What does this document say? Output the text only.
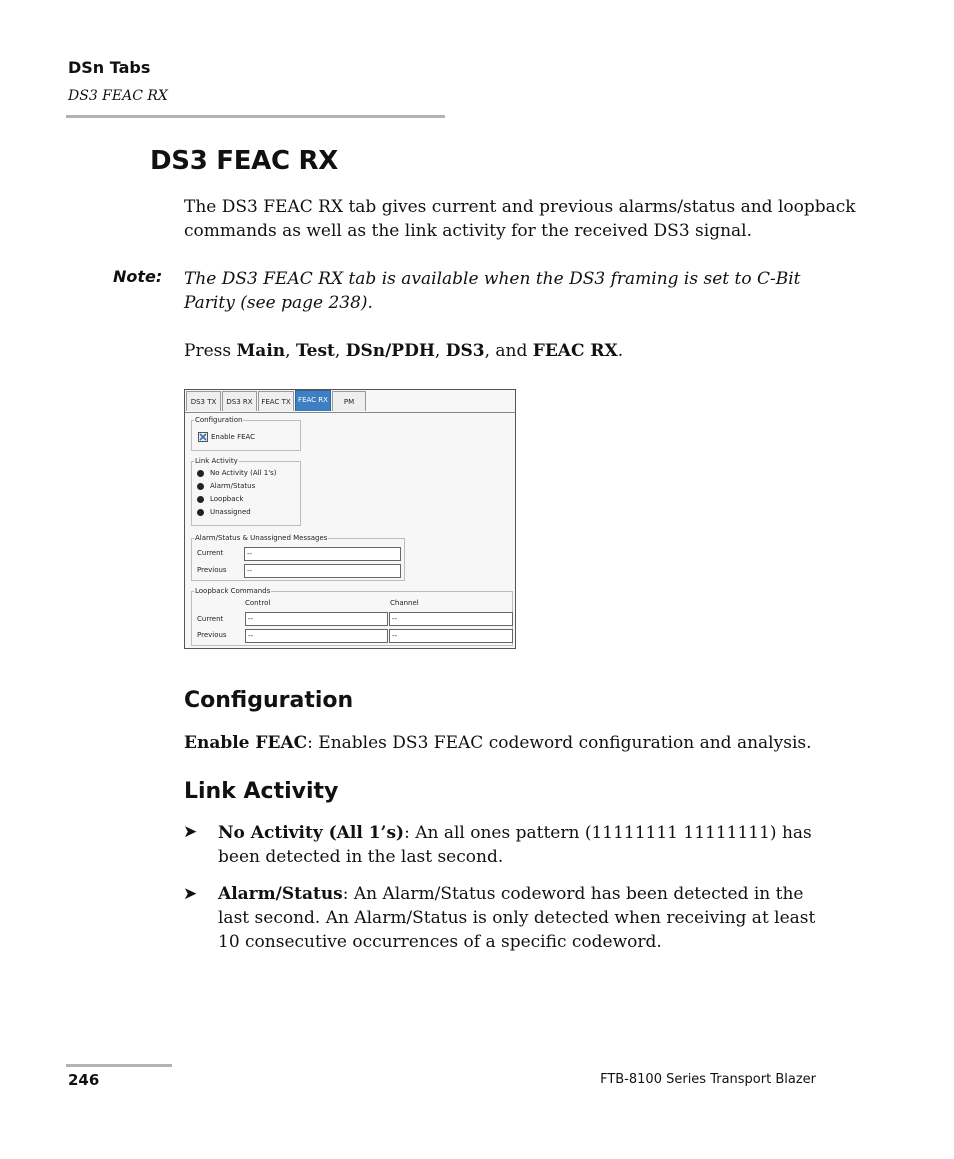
DSn Tabs
DS3 FEAC RX
DS3 FEAC RX
The DS3 FEAC RX tab gives current and previous alarms/status and loopback commands as well as the link activity for the received DS3 signal.
Note: The DS3 FEAC RX tab is available when the DS3 framing is set to C-Bit Parity (see page 238).
Press Main, Test, DSn/PDH, DS3, and FEAC RX.
DS3 TX	DS3 RX	FEAC TX	FEAC RX	PM
Configuration
Enable FEAC
Link Activity
No Activity (All 1's)
Alarm/Status
Loopback
Unassigned
Alarm/Status & Unassigned Messages
Current	--
Previous	--
Loopback Commands
Control	Channel
Current	--	--
Previous	--	--
Configuration
Enable FEAC: Enables DS3 FEAC codeword configuration and analysis.
Link Activity
➤ No Activity (All 1’s): An all ones pattern (11111111 11111111) has been detected in the last second.
➤ Alarm/Status: An Alarm/Status codeword has been detected in the last second. An Alarm/Status is only detected when receiving at least 10 consecutive occurrences of a specific codeword.
246	FTB-8100 Series Transport Blazer
